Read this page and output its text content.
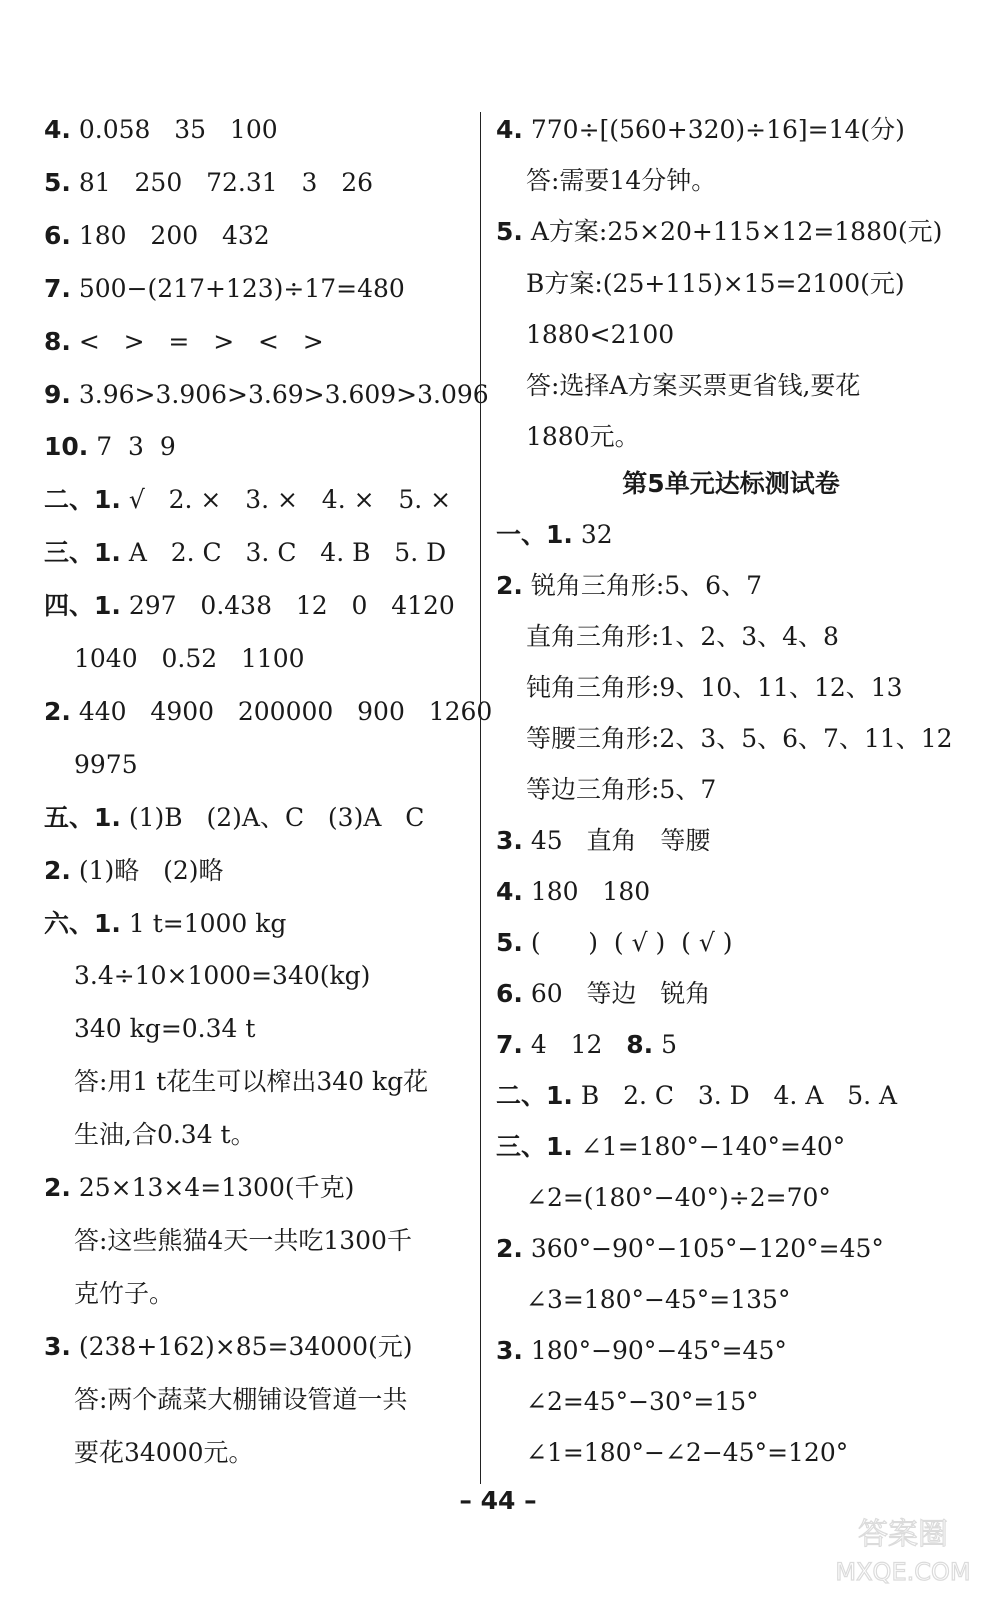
4. 0.058   35   100
5. 81   250   72.31   3   26
6. 180   200   432
7. 500−(217+123)÷17=480
8. <   >   =   >   <   >
9. 3.96>3.906>3.69>3.609>3.096
10. 7  3  9
二、1. √   2. ×   3. ×   4. ×   5. ×
三、1. A   2. C   3. C   4. B   5. D
四、1. 297   0.438   12   0   4120
1040   0.52   1100
2. 440   4900   200000   900   1260
9975
五、1. (1)B   (2)A、C   (3)A   C
2. (1)略   (2)略
六、1. 1 t=1000 kg
3.4÷10×1000=340(kg)
340 kg=0.34 t
答:用1 t花生可以榨出340 kg花
生油,合0.34 t。
2. 25×13×4=1300(千克)
答:这些熊猫4天一共吃1300千
克竹子。
3. (238+162)×85=34000(元)
答:两个蔬菜大棚铺设管道一共
要花34000元。
第5单元达标测试卷
4. 770÷[(560+320)÷16]=14(分)
答:需要14分钟。
5. A方案:25×20+115×12=1880(元)
B方案:(25+115)×15=2100(元)
1880<2100
答:选择A方案买票更省钱,要花
1880元。
一、1. 32
2. 锐角三角形:5、6、7
直角三角形:1、2、3、4、8
钝角三角形:9、10、11、12、13
等腰三角形:2、3、5、6、7、11、12
等边三角形:5、7
3. 45   直角   等腰
4. 180   180
5. (      )  ( √ )  ( √ )
6. 60   等边   锐角
7. 4   12   8. 5
二、1. B   2. C   3. D   4. A   5. A
三、1. ∠1=180°−140°=40°
∠2=(180°−40°)÷2=70°
2. 360°−90°−105°−120°=45°
∠3=180°−45°=135°
3. 180°−90°−45°=45°
∠2=45°−30°=15°
∠1=180°−∠2−45°=120°
– 44 –
答案圈
MXQE.COM
